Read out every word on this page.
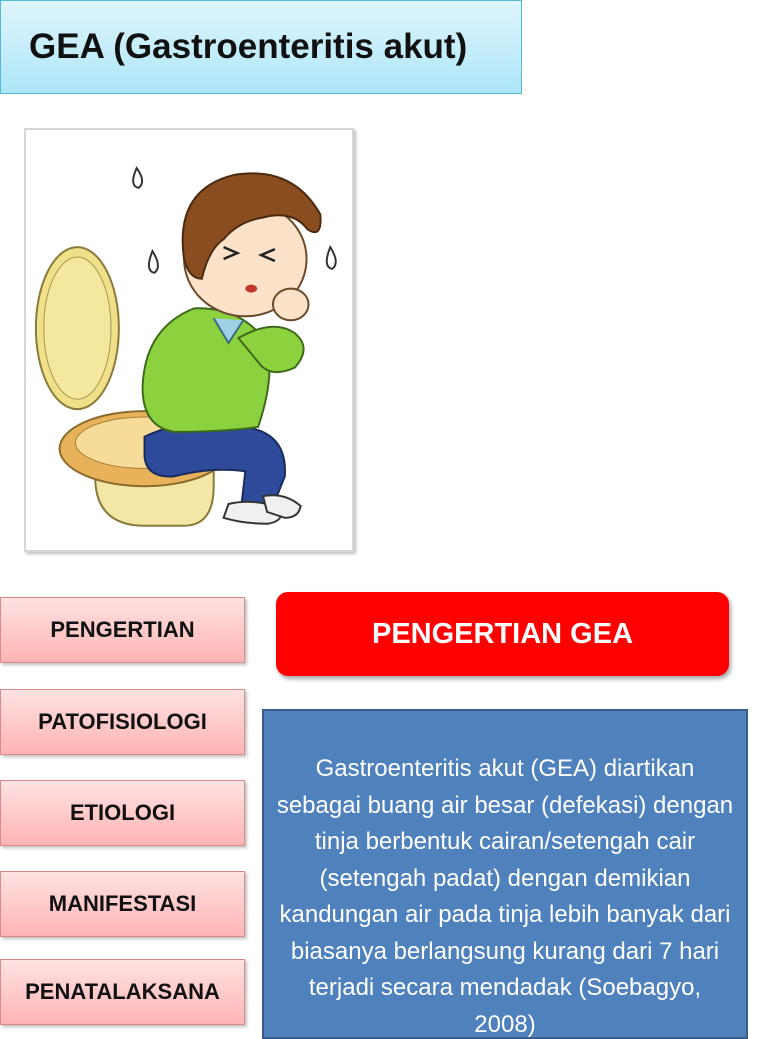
GEA (Gastroenteritis akut)
PENGERTIAN
PATOFISIOLOGI
ETIOLOGI
MANIFESTASI
PENATALAKSANA
PENGERTIAN GEA
Gastroenteritis akut (GEA) diartikan sebagai buang air besar (defekasi) dengan tinja berbentuk cairan/setengah cair (setengah padat) dengan demikian kandungan air pada tinja lebih banyak dari biasanya berlangsung kurang dari 7 hari terjadi secara mendadak (Soebagyo, 2008)
